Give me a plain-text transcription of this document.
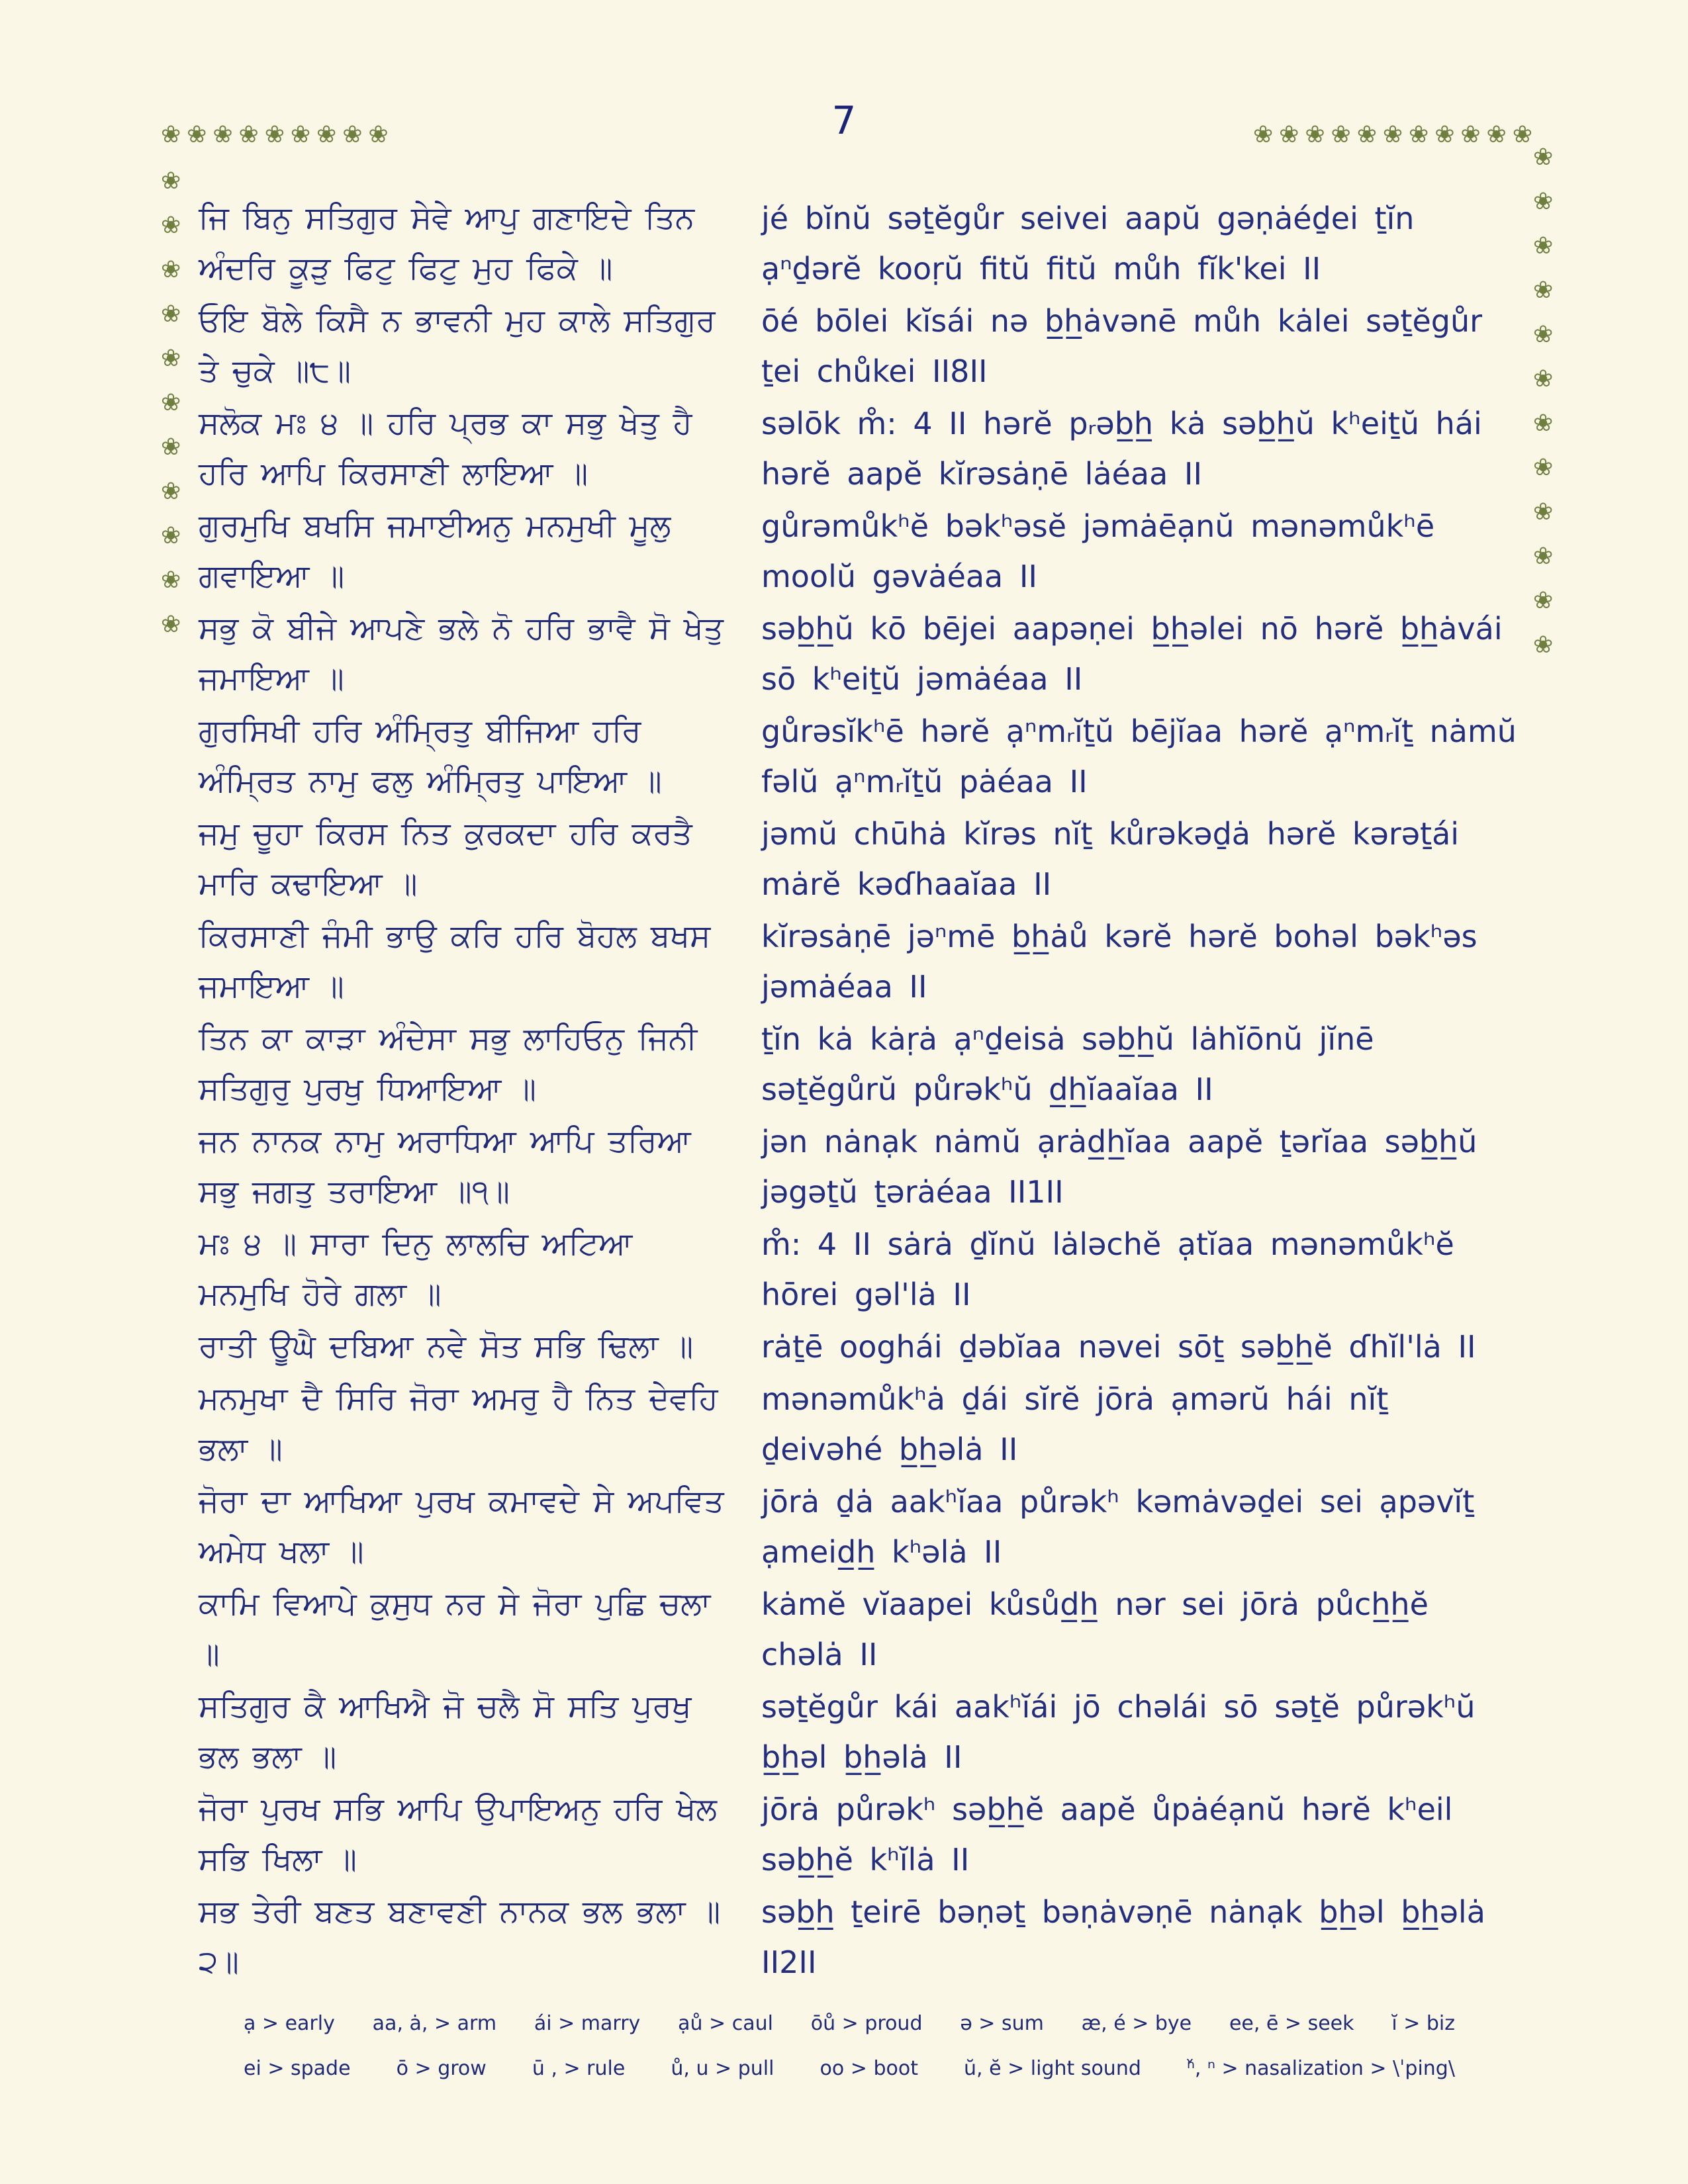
7
❀ ❀ ❀ ❀ ❀ ❀ ❀ ❀ ❀	❀ ❀ ❀ ❀ ❀ ❀ ❀ ❀ ❀ ❀ ❀
❀
❀
❀
❀
❀
❀
❀
❀
❀
❀
❀
❀
❀
❀
❀
❀
❀
❀
❀
❀
❀
❀
❀
ਜਿ ਬਿਨੁ ਸਤਿਗੁਰ ਸੇਵੇ ਆਪੁ ਗਣਾਇਦੇ ਤਿਨ ਅੰਦਰਿ ਕੂੜੁ ਫਿਟੁ ਫਿਟੁ ਮੁਹ ਫਿਕੇ ॥
jé bĭnŭ səṯĕgůr seivei aapŭ gəṇȧéḏei ṯĭn ạⁿḏərĕ kooṛŭ fitŭ fitŭ můh fĭk'kei II
ਓਇ ਬੋਲੇ ਕਿਸੈ ਨ ਭਾਵਨੀ ਮੁਹ ਕਾਲੇ ਸਤਿਗੁਰ ਤੇ ਚੁਕੇ ॥੮॥
ōé bōlei kĭsái nə b̲h̲ȧvənē můh kȧlei səṯĕgůr ṯei chůkei II8II
ਸਲੋਕ ਮਃ ੪ ॥ ਹਰਿ ਪ੍ਰਭ ਕਾ ਸਭੁ ਖੇਤੁ ਹੈ ਹਰਿ ਆਪਿ ਕਿਰਸਾਣੀ ਲਾਇਆ ॥
səlōk m̊: 4 II hərĕ pᵣəb̲h̲ kȧ səb̲h̲ŭ kʰeiṯŭ hái hərĕ aapĕ kĭrəsȧṇē lȧéaa II
ਗੁਰਮੁਖਿ ਬਖਸਿ ਜਮਾਈਅਨੁ ਮਨਮੁਖੀ ਮੂਲੁ ਗਵਾਇਆ ॥
gůrəmůkʰĕ bəkʰəsĕ jəmȧēạnŭ mənəmůkʰē moolŭ gəvȧéaa II
ਸਭੁ ਕੋ ਬੀਜੇ ਆਪਣੇ ਭਲੇ ਨੋ ਹਰਿ ਭਾਵੈ ਸੋ ਖੇਤੁ ਜਮਾਇਆ ॥
səb̲h̲ŭ kō bējei aapəṇei b̲h̲əlei nō hərĕ b̲h̲ȧvái sō kʰeiṯŭ jəmȧéaa II
ਗੁਰਸਿਖੀ ਹਰਿ ਅੰਮ੍ਰਿਤੁ ਬੀਜਿਆ ਹਰਿ ਅੰਮ੍ਰਿਤ ਨਾਮੁ ਫਲੁ ਅੰਮ੍ਰਿਤੁ ਪਾਇਆ ॥
gůrəsĭkʰē hərĕ ạⁿmᵣĭṯŭ bējĭaa hərĕ ạⁿmᵣĭṯ nȧmŭ fəlŭ ạⁿmᵣĭṯŭ pȧéaa II
ਜਮੁ ਚੂਹਾ ਕਿਰਸ ਨਿਤ ਕੁਰਕਦਾ ਹਰਿ ਕਰਤੈ ਮਾਰਿ ਕਢਾਇਆ ॥
jəmŭ chūhȧ kĭrəs nĭṯ kůrəkəḏȧ hərĕ kərəṯái mȧrĕ kəɗhaaĭaa II
ਕਿਰਸਾਣੀ ਜੰਮੀ ਭਾਉ ਕਰਿ ਹਰਿ ਬੋਹਲ ਬਖਸ ਜਮਾਇਆ ॥
kĭrəsȧṇē jəⁿmē b̲h̲ȧů kərĕ hərĕ bohəl bəkʰəs jəmȧéaa II
ਤਿਨ ਕਾ ਕਾੜਾ ਅੰਦੇਸਾ ਸਭੁ ਲਾਹਿਓਨੁ ਜਿਨੀ ਸਤਿਗੁਰੁ ਪੁਰਖੁ ਧਿਆਇਆ ॥
ṯĭn kȧ kȧṛȧ ạⁿḏeisȧ səb̲h̲ŭ lȧhĭōnŭ jĭnē səṯĕgůrŭ půrəkʰŭ d̲h̲ĭaaĭaa II
ਜਨ ਨਾਨਕ ਨਾਮੁ ਅਰਾਧਿਆ ਆਪਿ ਤਰਿਆ ਸਭੁ ਜਗਤੁ ਤਰਾਇਆ ॥੧॥
jən nȧnạk nȧmŭ ạrȧd̲h̲ĭaa aapĕ ṯərĭaa səb̲h̲ŭ jəgəṯŭ ṯərȧéaa II1II
ਮਃ ੪ ॥ ਸਾਰਾ ਦਿਨੁ ਲਾਲਚਿ ਅਟਿਆ ਮਨਮੁਖਿ ਹੋਰੇ ਗਲਾ ॥
m̊: 4 II sȧrȧ ḏĭnŭ lȧləchĕ ạtĭaa mənəmůkʰĕ hōrei gəl'lȧ II
ਰਾਤੀ ਊਘੈ ਦਬਿਆ ਨਵੇ ਸੋਤ ਸਭਿ ਢਿਲਾ ॥	rȧṯē ooghái ḏəbĭaa nəvei sōṯ səb̲h̲ĕ ɗhĭl'lȧ II
ਮਨਮੁਖਾ ਦੈ ਸਿਰਿ ਜੋਰਾ ਅਮਰੁ ਹੈ ਨਿਤ ਦੇਵਹਿ ਭਲਾ ॥
mənəmůkʰȧ ḏái sĭrĕ jōrȧ ạmərŭ hái nĭṯ ḏeivəhé b̲h̲əlȧ II
ਜੋਰਾ ਦਾ ਆਖਿਆ ਪੁਰਖ ਕਮਾਵਦੇ ਸੇ ਅਪਵਿਤ ਅਮੇਧ ਖਲਾ ॥
jōrȧ ḏȧ aakʰĭaa půrəkʰ kəmȧvəḏei sei ạpəvĭṯ ạmeid̲h̲ kʰəlȧ II
ਕਾਮਿ ਵਿਆਪੇ ਕੁਸੁਧ ਨਰ ਸੇ ਜੋਰਾ ਪੁਛਿ ਚਲਾ ॥
kȧmĕ vĭaapei kůsůd̲h̲ nər sei jōrȧ půch̲h̲ĕ chəlȧ II
ਸਤਿਗੁਰ ਕੈ ਆਖਿਐ ਜੋ ਚਲੈ ਸੋ ਸਤਿ ਪੁਰਖੁ ਭਲ ਭਲਾ ॥
səṯĕgůr kái aakʰĭái jō chəlái sō səṯĕ půrəkʰŭ b̲h̲əl b̲h̲əlȧ II
ਜੋਰਾ ਪੁਰਖ ਸਭਿ ਆਪਿ ਉਪਾਇਅਨੁ ਹਰਿ ਖੇਲ ਸਭਿ ਖਿਲਾ ॥
jōrȧ půrəkʰ səb̲h̲ĕ aapĕ ůpȧéạnŭ hərĕ kʰeil səb̲h̲ĕ kʰĭlȧ II
ਸਭ ਤੇਰੀ ਬਣਤ ਬਣਾਵਣੀ ਨਾਨਕ ਭਲ ਭਲਾ ॥੨॥
səb̲h̲ ṯeirē bəṇəṯ bəṇȧvəṇē nȧnạk b̲h̲əl b̲h̲əlȧ II2II
ạ > early aa, ȧ, > arm ái > marry ạů > caul ōů > proud ə > sum æ, é > bye ee, ē > seek ĭ > biz
ei > spade ō > grow ū , > rule ů, u > pull oo > boot ŭ, ĕ > light sound ⁿ̌, ⁿ > nasalization > \ˈping\
